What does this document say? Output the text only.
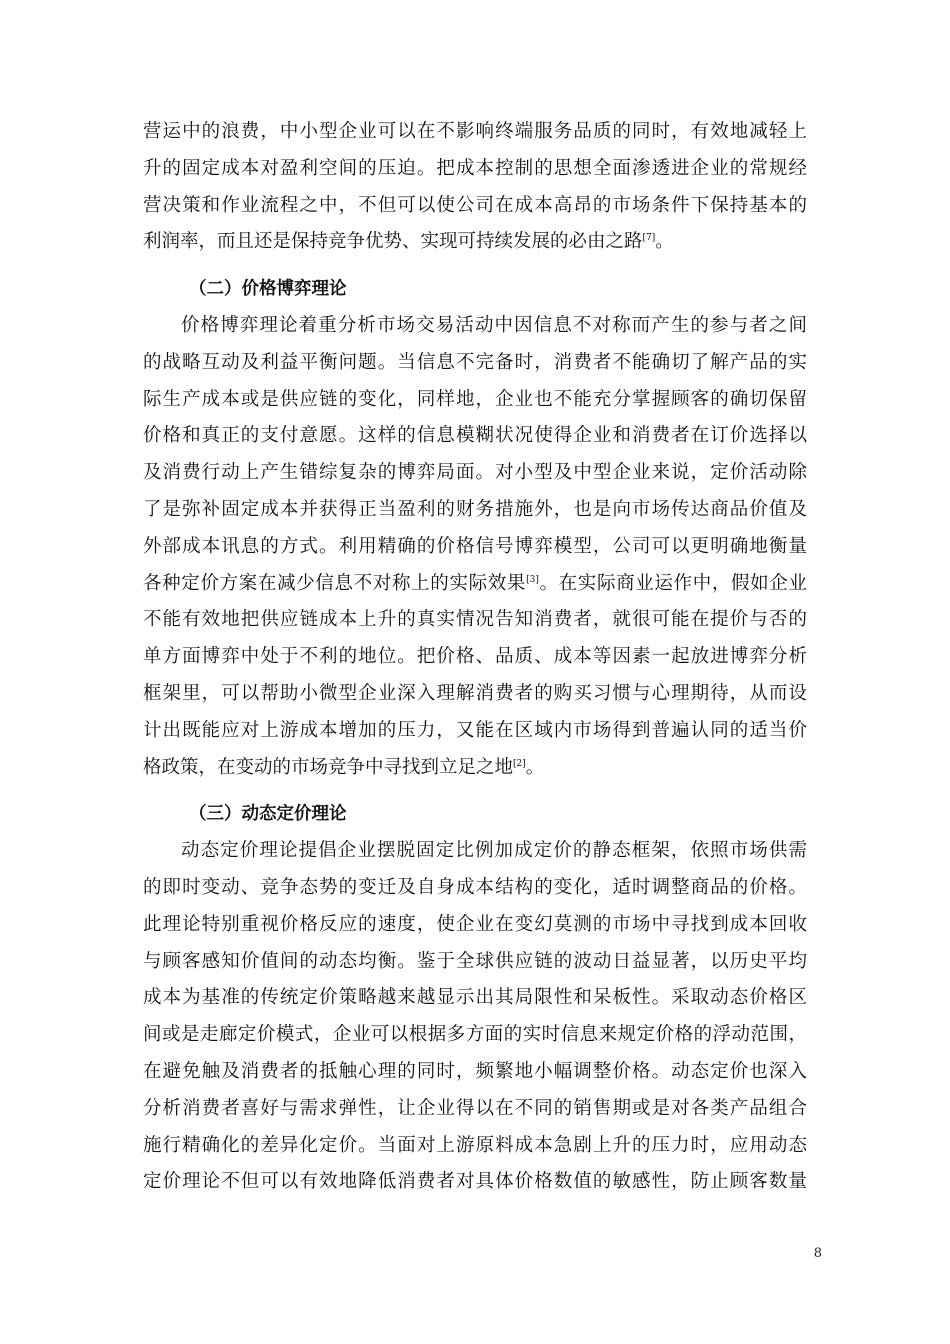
营运中的浪费，中小型企业可以在不影响终端服务品质的同时，有效地减轻上
升的固定成本对盈利空间的压迫。把成本控制的思想全面渗透进企业的常规经
营决策和作业流程之中，不但可以使公司在成本高昂的市场条件下保持基本的
利润率，而且还是保持竞争优势、实现可持续发展的必由之路[7]。
（二）价格博弈理论
价格博弈理论着重分析市场交易活动中因信息不对称而产生的参与者之间
的战略互动及利益平衡问题。当信息不完备时，消费者不能确切了解产品的实
际生产成本或是供应链的变化，同样地，企业也不能充分掌握顾客的确切保留
价格和真正的支付意愿。这样的信息模糊状况使得企业和消费者在订价选择以
及消费行动上产生错综复杂的博弈局面。对小型及中型企业来说，定价活动除
了是弥补固定成本并获得正当盈利的财务措施外，也是向市场传达商品价值及
外部成本讯息的方式。利用精确的价格信号博弈模型，公司可以更明确地衡量
各种定价方案在减少信息不对称上的实际效果[3]。在实际商业运作中，假如企业
不能有效地把供应链成本上升的真实情况告知消费者，就很可能在提价与否的
单方面博弈中处于不利的地位。把价格、品质、成本等因素一起放进博弈分析
框架里，可以帮助小微型企业深入理解消费者的购买习惯与心理期待，从而设
计出既能应对上游成本增加的压力，又能在区域内市场得到普遍认同的适当价
格政策，在变动的市场竞争中寻找到立足之地[2]。
（三）动态定价理论
动态定价理论提倡企业摆脱固定比例加成定价的静态框架，依照市场供需
的即时变动、竞争态势的变迁及自身成本结构的变化，适时调整商品的价格。
此理论特别重视价格反应的速度，使企业在变幻莫测的市场中寻找到成本回收
与顾客感知价值间的动态均衡。鉴于全球供应链的波动日益显著，以历史平均
成本为基准的传统定价策略越来越显示出其局限性和呆板性。采取动态价格区
间或是走廊定价模式，企业可以根据多方面的实时信息来规定价格的浮动范围，
在避免触及消费者的抵触心理的同时，频繁地小幅调整价格。动态定价也深入
分析消费者喜好与需求弹性，让企业得以在不同的销售期或是对各类产品组合
施行精确化的差异化定价。当面对上游原料成本急剧上升的压力时，应用动态
定价理论不但可以有效地降低消费者对具体价格数值的敏感性，防止顾客数量
8
